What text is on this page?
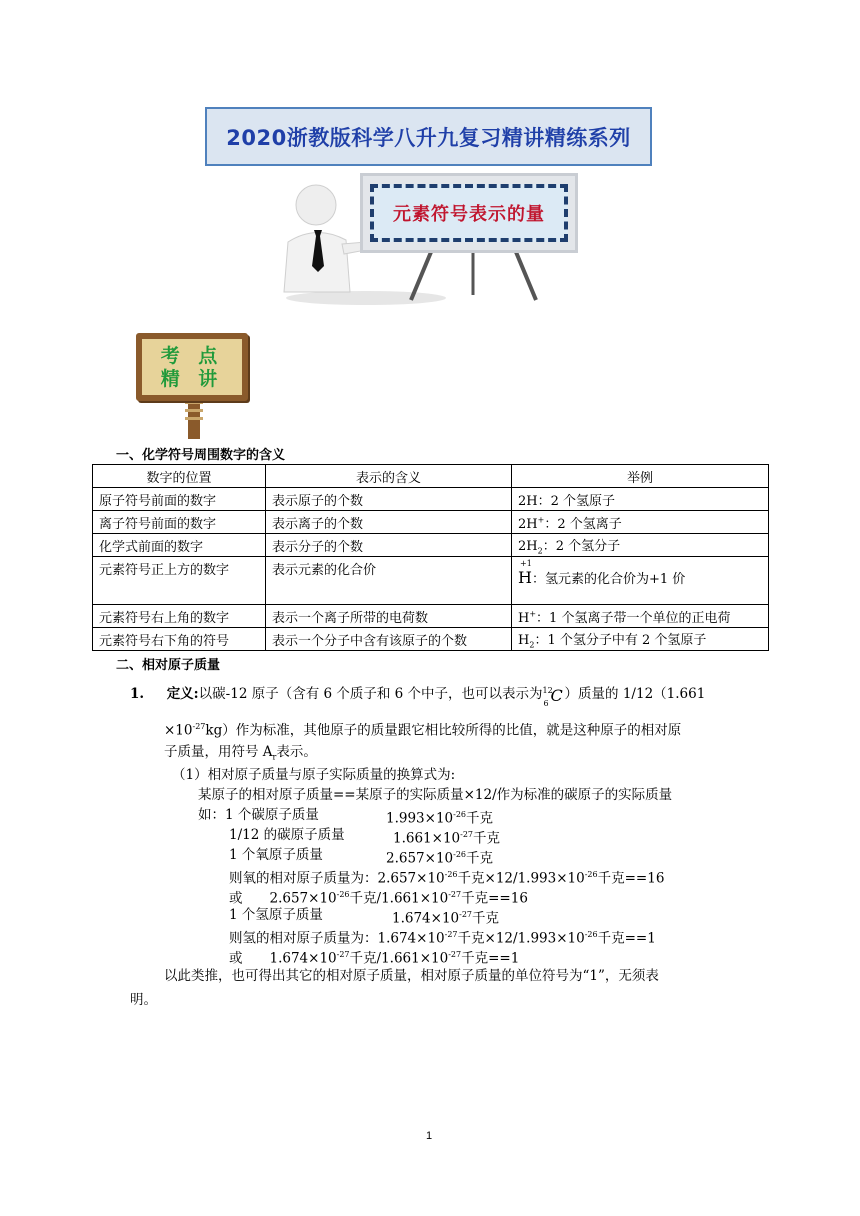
2020浙教版科学八升九复习精讲精练系列
元素符号表示的量
考 点
精 讲
一、化学符号周围数字的含义
数字的位置	表示的含义	举例
原子符号前面的数字	表示原子的个数	2H：2 个氢原子
离子符号前面的数字	表示离子的个数	2H+：2 个氢离子
化学式前面的数字	表示分子的个数	$2H_2$：2 个氢分子
元素符号正上方的数字	表示元素的化合价	+1
H：氢元素的化合价为+1 价

元素符号右上角的数字	表示一个离子所带的电荷数	H+：1 个氢离子带一个单位的正电荷
元素符号右下角的符号	表示一个分子中含有该原子的个数	$H_2$：1 个氢分子中有 2 个氢原子
二、相对原子质量
1. 定义:以碳-12 原子（含有 6 个质子和 6 个中子，也可以表示为 12
6 C ）质量的 1/12（1.661
$\times 10^{-27}kg$）作为标准，其他原子的质量跟它相比较所得的比值，就是这种原子的相对原
子质量，用符号 $A_r$表示。
（1）相对原子质量与原子实际质量的换算式为:
某原子的相对原子质量==某原子的实际质量×12/作为标准的碳原子的实际质量
如：1 个碳原子质量	$1.993\times 10^{-26}$千克
1/12 的碳原子质量	$1.661\times 10^{-27}$千克
1 个氧原子质量	$2.657\times 10^{-26}$千克
则氧的相对原子质量为：$2.657\times 10^{-26}$千克$\times 12/1.993\times 10^{-26}$千克==16
或　　$2.657\times 10^{-26}$千克$/1.661\times 10^{-27}$千克==16
1 个氢原子质量	$1.674\times 10^{-27}$千克
则氢的相对原子质量为：$1.674\times 10^{-27}$千克$\times 12/1.993\times 10^{-26}$千克==1
或　　$1.674\times 10^{-27}$千克$/1.661\times 10^{-27}$千克==1
以此类推，也可得出其它的相对原子质量，相对原子质量的单位符号为“1”，无须表
明。
1
